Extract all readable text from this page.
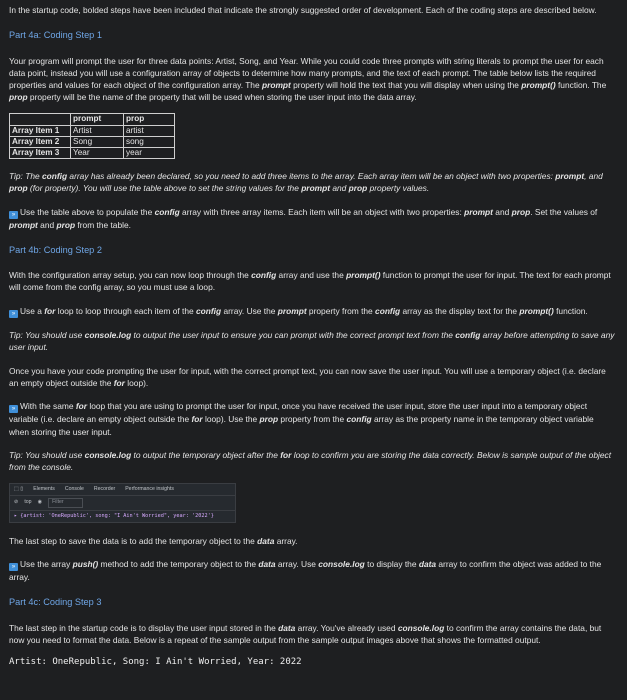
In the startup code, bolded steps have been included that indicate the strongly suggested order of development. Each of the coding steps are described below.

Part 4a: Coding Step 1

Your program will prompt the user for three data points: Artist, Song, and Year. While you could code three prompts with string literals to prompt the user for each data point, instead you will use a configuration array of objects to determine how many prompts, and the text of each prompt. The table below lists the required properties and values for each object of the configuration array. The prompt property will hold the text that you will display when using the prompt() function. The prop property will be the name of the property that will be used when storing the user input into the data array.

	prompt	prop
Array Item 1	Artist	artist
Array Item 2	Song	song
Array Item 3	Year	year

Tip: The config array has already been declared, so you need to add three items to the array. Each array item will be an object with two properties: prompt, and prop (for property). You will use the table above to set the string values for the prompt and prop property values.

» Use the table above to populate the config array with three array items. Each item will be an object with two properties: prompt and prop. Set the values of prompt and prop from the table.

Part 4b: Coding Step 2

With the configuration array setup, you can now loop through the config array and use the prompt() function to prompt the user for input. The text for each prompt will come from the config array, so you must use a loop.

» Use a for loop to loop through each item of the config array. Use the prompt property from the config array as the display text for the prompt() function.

Tip: You should use console.log to output the user input to ensure you can prompt with the correct prompt text from the config array before attempting to save any user input.

Once you have your code prompting the user for input, with the correct prompt text, you can now save the user input. You will use a temporary object (i.e. declare an empty object outside the for loop).

» With the same for loop that you are using to prompt the user for input, once you have received the user input, store the user input into a temporary object variable (i.e. declare an empty object outside the for loop). Use the prop property from the config array as the property name in the temporary object variable when storing the user input.

Tip: You should use console.log to output the temporary object after the for loop to confirm you are storing the data correctly. Below is sample output of the object from the console.

⬚ ▯ Elements Console Recorder Performance insights
⊘ top ◉	Filter
▸ {artist: 'OneRepublic', song: "I Ain't Worried", year: '2022'}

The last step to save the data is to add the temporary object to the data array.

» Use the array push() method to add the temporary object to the data array. Use console.log to display the data array to confirm the object was added to the array.

Part 4c: Coding Step 3

The last step in the startup code is to display the user input stored in the data array. You've already used console.log to confirm the array contains the data, but now you need to format the data. Below is a repeat of the sample output from the sample output images above that shows the formatted output.

Artist: OneRepublic, Song: I Ain't Worried, Year: 2022
